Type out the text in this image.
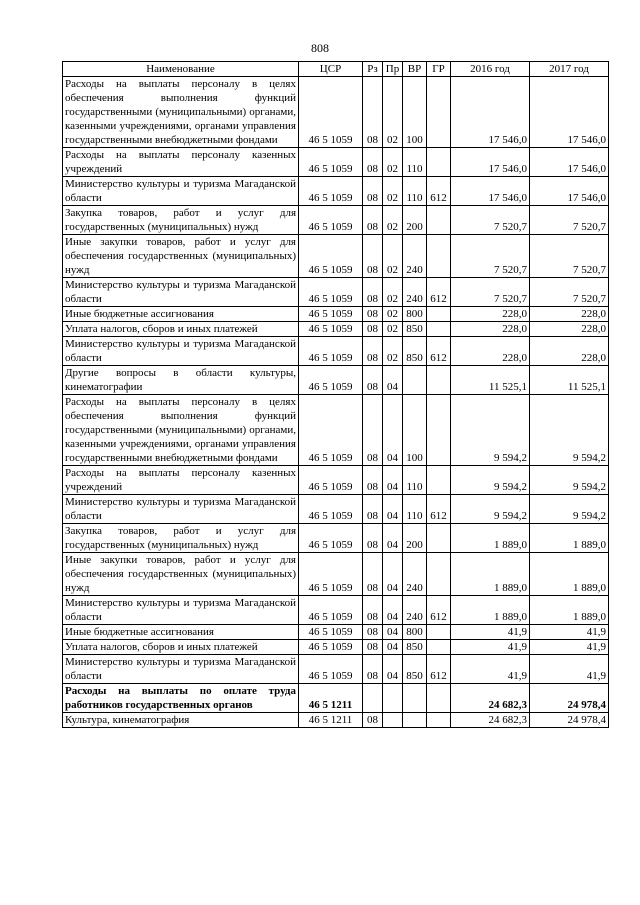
808
Наименование	ЦСР	Рз	Пр	ВР	ГР	2016 год	2017 год
Расходы на выплаты персоналу в целях обеспечения выполнения функций государственными (муниципальными) органами, казенными учреждениями, органами управления государственными внебюджетными фондами	46 5 1059	08	02	100		17 546,0	17 546,0
Расходы на выплаты персоналу казенных учреждений	46 5 1059	08	02	110		17 546,0	17 546,0
Министерство культуры и туризма Магаданской области	46 5 1059	08	02	110	612	17 546,0	17 546,0
Закупка товаров, работ и услуг для государственных (муниципальных) нужд	46 5 1059	08	02	200		7 520,7	7 520,7
Иные закупки товаров, работ и услуг для обеспечения государственных (муниципальных) нужд	46 5 1059	08	02	240		7 520,7	7 520,7
Министерство культуры и туризма Магаданской области	46 5 1059	08	02	240	612	7 520,7	7 520,7
Иные бюджетные ассигнования	46 5 1059	08	02	800		228,0	228,0
Уплата налогов, сборов и иных платежей	46 5 1059	08	02	850		228,0	228,0
Министерство культуры и туризма Магаданской области	46 5 1059	08	02	850	612	228,0	228,0
Другие вопросы в области культуры, кинематографии	46 5 1059	08	04			11 525,1	11 525,1
Расходы на выплаты персоналу в целях обеспечения выполнения функций государственными (муниципальными) органами, казенными учреждениями, органами управления государственными внебюджетными фондами	46 5 1059	08	04	100		9 594,2	9 594,2
Расходы на выплаты персоналу казенных учреждений	46 5 1059	08	04	110		9 594,2	9 594,2
Министерство культуры и туризма Магаданской области	46 5 1059	08	04	110	612	9 594,2	9 594,2
Закупка товаров, работ и услуг для государственных (муниципальных) нужд	46 5 1059	08	04	200		1 889,0	1 889,0
Иные закупки товаров, работ и услуг для обеспечения государственных (муниципальных) нужд	46 5 1059	08	04	240		1 889,0	1 889,0
Министерство культуры и туризма Магаданской области	46 5 1059	08	04	240	612	1 889,0	1 889,0
Иные бюджетные ассигнования	46 5 1059	08	04	800		41,9	41,9
Уплата налогов, сборов и иных платежей	46 5 1059	08	04	850		41,9	41,9
Министерство культуры и туризма Магаданской области	46 5 1059	08	04	850	612	41,9	41,9
Расходы на выплаты по оплате труда работников государственных органов	46 5 1211					24 682,3	24 978,4
Культура, кинематография	46 5 1211	08				24 682,3	24 978,4
